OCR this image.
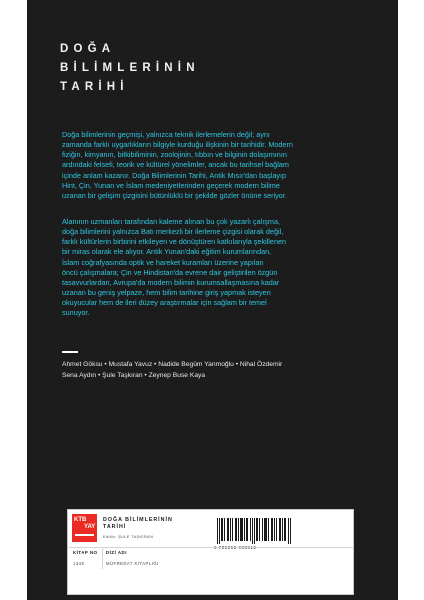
DOĞA
BİLİMLERİNİN
TARİHİ
Doğa bilimlerinin geçmişi, yalnızca teknik ilerlemelerin değil; aynı
zamanda farklı uygarlıkların bilgiyle kurduğu ilişkinin bir tarihidir. Modern
fiziğin, kimyanın, bitkibiliminin, zoolojinin, tıbbın ve bilginin dolaşımının
ardındaki felsefi, teorik ve kültürel yönelimler, ancak bu tarihsel bağlam
içinde anlam kazanır. Doğa Bilimlerinin Tarihi, Antik Mısır'dan başlayıp
Hint, Çin, Yunan ve İslam medeniyetlerinden geçerek modern bilime
uzanan bir gelişim çizgisini bütünlüklü bir şekilde gözler önüne seriyor.
Alanının uzmanları tarafından kaleme alınan bu çok yazarlı çalışma,
doğa bilimlerini yalnızca Batı merkezli bir ilerleme çizgisi olarak değil,
farklı kültürlerin birbirini etkileyen ve dönüştüren katkılarıyla şekillenen
bir miras olarak ele alıyor. Antik Yunan'daki eğitim kurumlarından,
İslam coğrafyasında optik ve hareket kuramları üzerine yapılan
öncü çalışmalara; Çin ve Hindistan'da evrene dair geliştirilen özgün
tasavvurlardan, Avrupa'da modern bilimin kurumsallaşmasına kadar
uzanan bu geniş yelpaze, hem bilim tarihine giriş yapmak isteyen
okuyucular hem de ileri düzey araştırmalar için sağlam bir temel
sunuyor.
Ahmet Göksu • Mustafa Yavuz • Nadide Begüm Yanmoğlu • Nihal Özdemir
Sena Aydın • Şule Taşkıran • Zeynep Buse Kaya
KTB
YAY
DOĞA BİLİMLERİNİN
TARİHİ
Editör: ŞULE TAŞKIRAN
KİTAP NO
1349
DİZİ ADI
MÜFREDAT KİTAPLIĞI
